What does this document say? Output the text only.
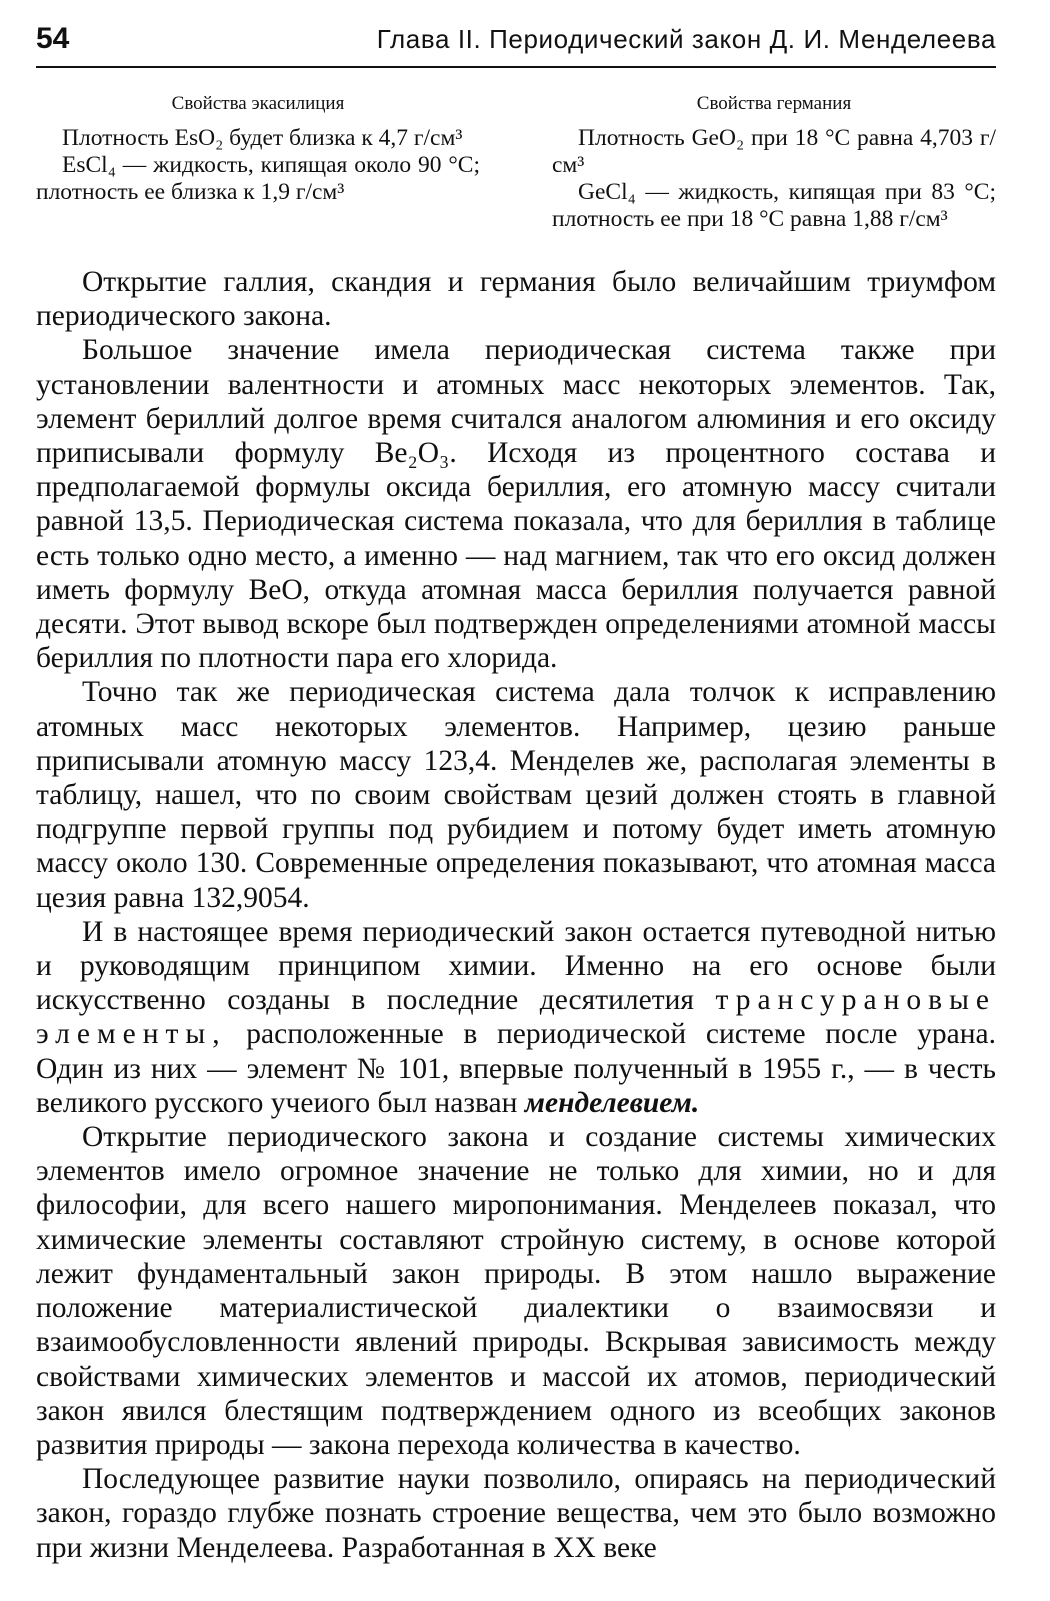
54	Глава II. Периодический закон Д. И. Менделеева
Свойства экасилиция

Плотность EsO₂ будет близка к 4,7 г/см³

EsCl₄ — жидкость, кипящая около 90 °С; плотность ее близка к 1,9 г/см³

Свойства германия

Плотность GeO₂ при 18 °С равна 4,703 г/см³

GeCl₄ — жидкость, кипящая при 83 °С; плотность ее при 18 °С равна 1,88 г/см³

Открытие галлия, скандия и германия было величайшим триумфом периодического закона.

Большое значение имела периодическая система также при установлении валентности и атомных масс некоторых элементов. Так, элемент бериллий долгое время считался аналогом алюминия и его оксиду приписывали формулу Be₂O₃. Исходя из процентного состава и предполагаемой формулы оксида бериллия, его атомную массу считали равной 13,5. Периодическая система показала, что для бериллия в таблице есть только одно место, а именно — над магнием, так что его оксид должен иметь формулу BeO, откуда атомная масса бериллия получается равной десяти. Этот вывод вскоре был подтвержден определениями атомной массы бериллия по плотности пара его хлорида.

Точно так же периодическая система дала толчок к исправлению атомных масс некоторых элементов. Например, цезию раньше приписывали атомную массу 123,4. Менделев же, располагая элементы в таблицу, нашел, что по своим свойствам цезий должен стоять в главной подгруппе первой группы под рубидием и потому будет иметь атомную массу около 130. Современные определения показывают, что атомная масса цезия равна 132,9054.

И в настоящее время периодический закон остается путеводной нитью и руководящим принципом химии. Именно на его основе были искусственно созданы в последние десятилетия трансурановые элементы, расположенные в периодической системе после урана. Один из них — элемент № 101, впервые полученный в 1955 г., — в честь великого русского учеиого был назван менделевием.

Открытие периодического закона и создание системы химических элементов имело огромное значение не только для химии, но и для философии, для всего нашего миропонимания. Менделеев показал, что химические элементы составляют стройную систему, в основе которой лежит фундаментальный закон природы. В этом нашло выражение положение материалистической диалектики о взаимосвязи и взаимообусловленности явлений природы. Вскрывая зависимость между свойствами химических элементов и массой их атомов, периодический закон явился блестящим подтверждением одного из всеобщих законов развития природы — закона перехода количества в качество.

Последующее развитие науки позволило, опираясь на периодический закон, гораздо глубже познать строение вещества, чем это было возможно при жизни Менделеева. Разработанная в XX веке
